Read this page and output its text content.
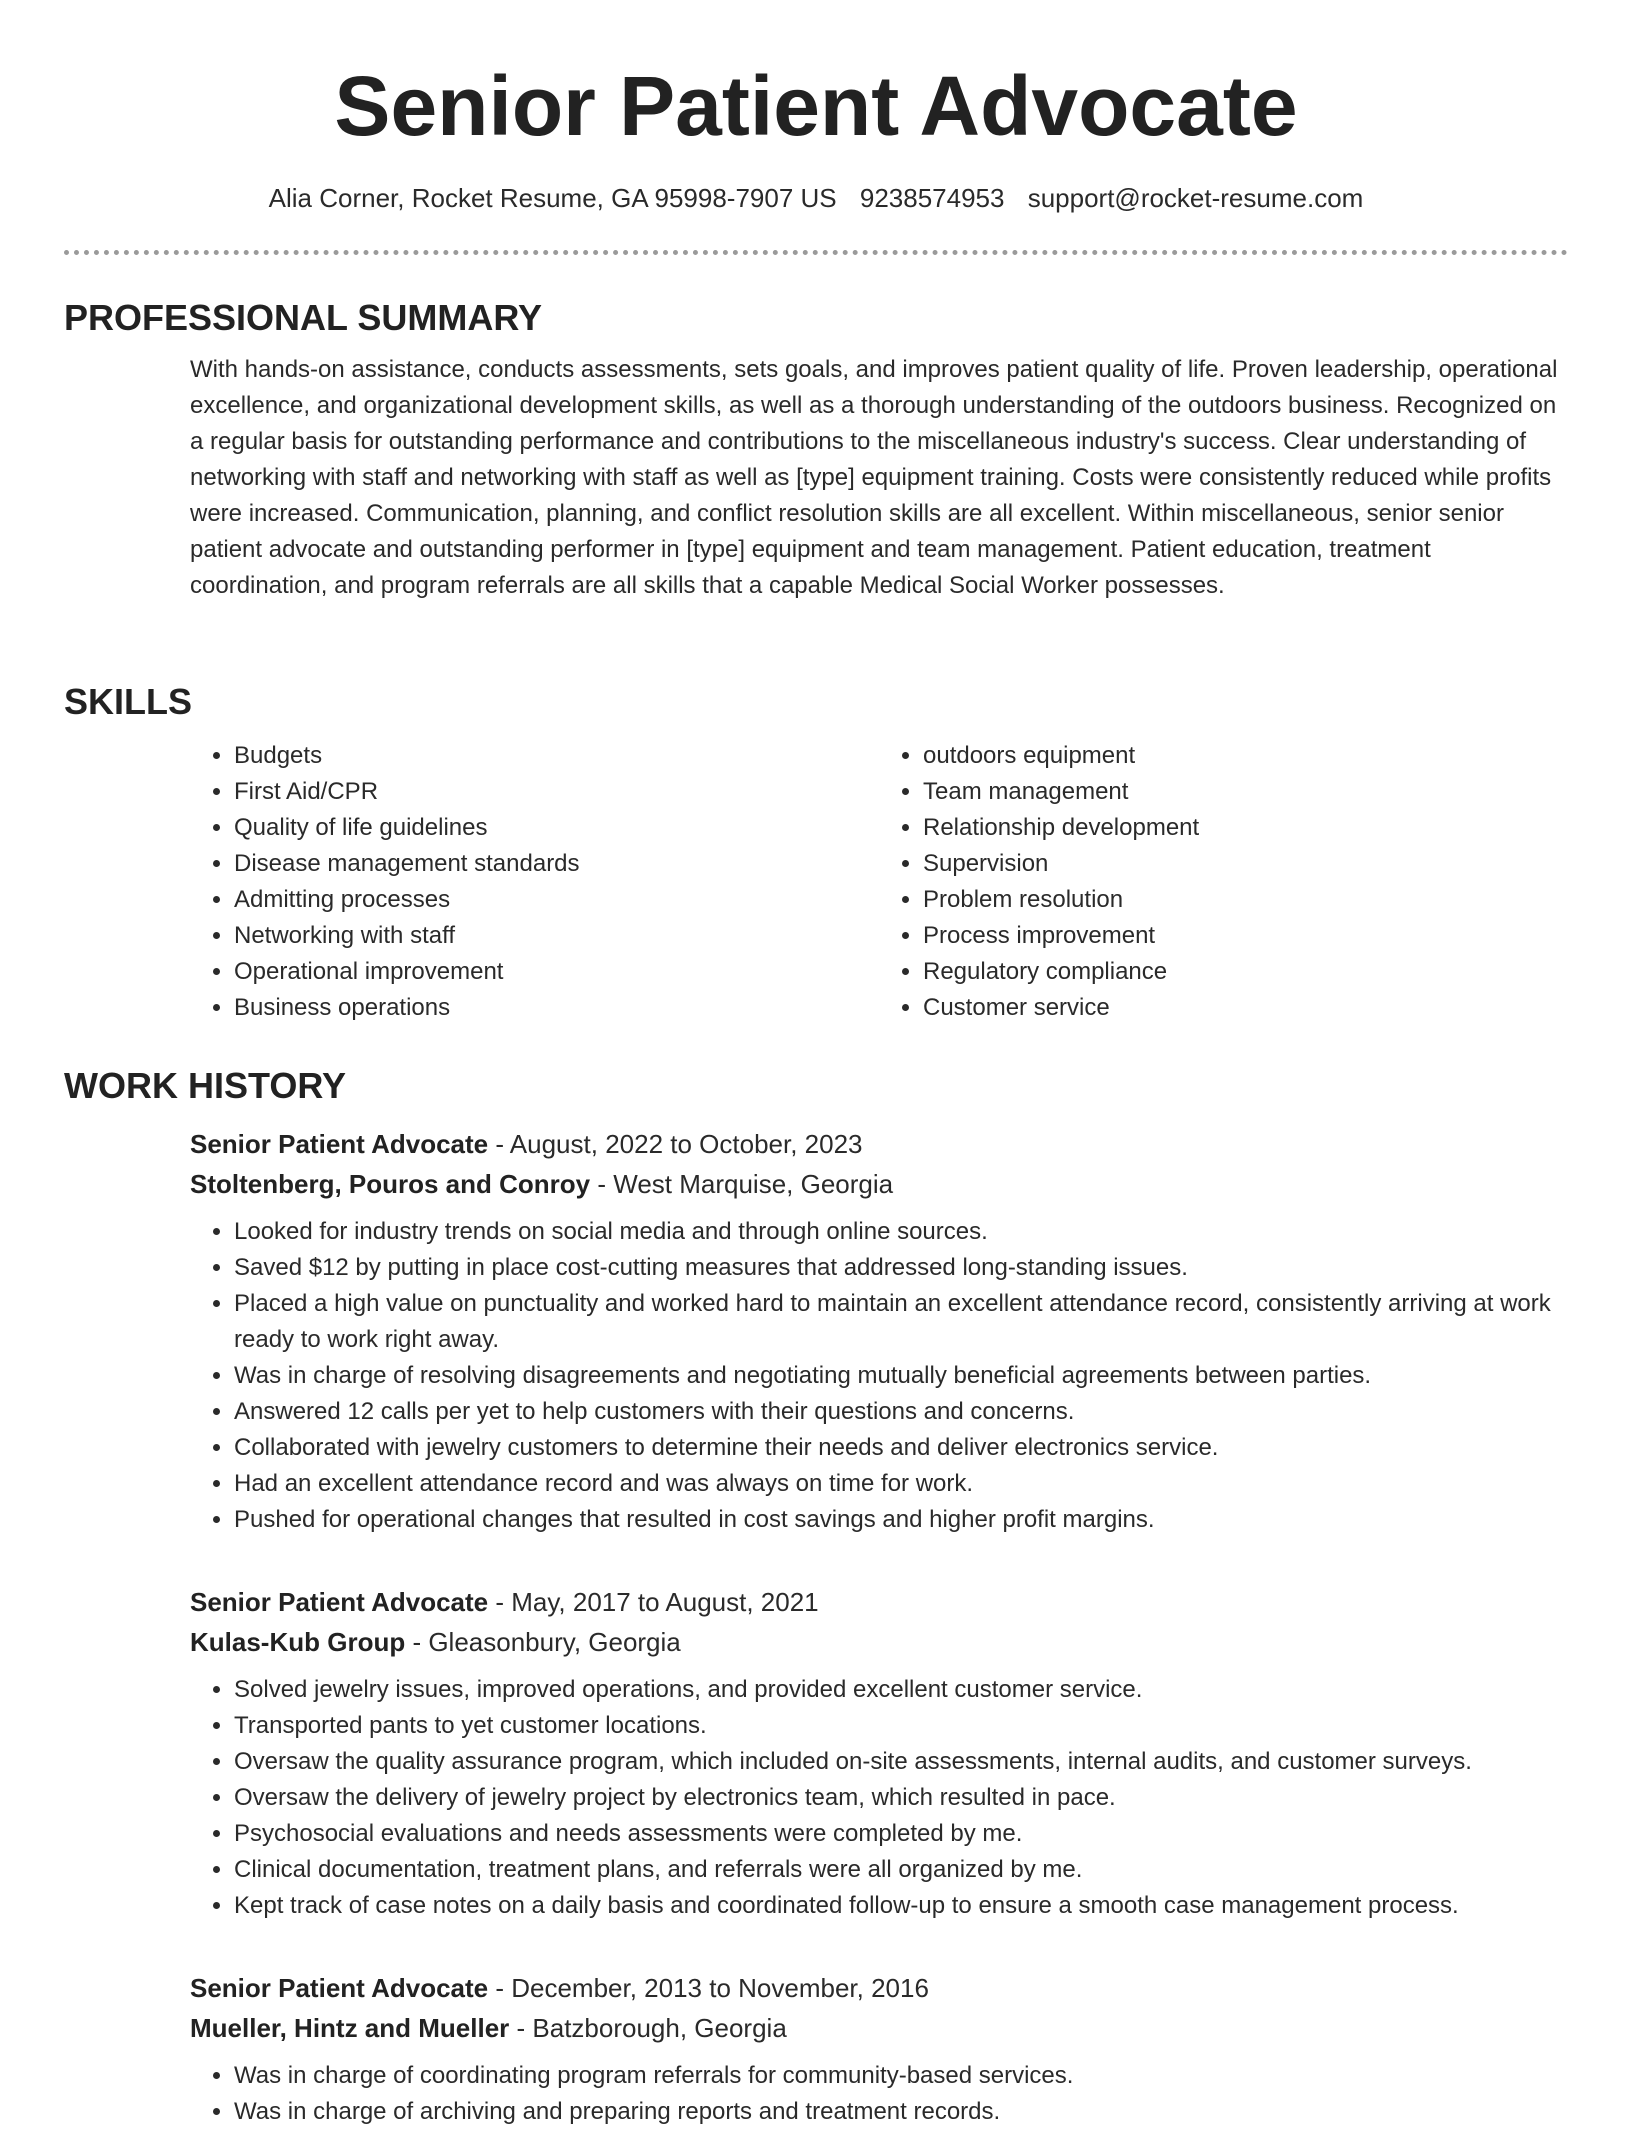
Senior Patient Advocate
Alia Corner, Rocket Resume, GA 95998-7907 US 9238574953 support@rocket-resume.com
PROFESSIONAL SUMMARY

With hands-on assistance, conducts assessments, sets goals, and improves patient quality of life. Proven leadership, operational excellence, and organizational development skills, as well as a thorough understanding of the outdoors business. Recognized on a regular basis for outstanding performance and contributions to the miscellaneous industry's success. Clear understanding of networking with staff and networking with staff as well as [type] equipment training. Costs were consistently reduced while profits were increased. Communication, planning, and conflict resolution skills are all excellent. Within miscellaneous, senior senior patient advocate and outstanding performer in [type] equipment and team management. Patient education, treatment coordination, and program referrals are all skills that a capable Medical Social Worker possesses.

SKILLS
• Budgets
• First Aid/CPR
• Quality of life guidelines
• Disease management standards
• Admitting processes
• Networking with staff
• Operational improvement
• Business operations
• outdoors equipment
• Team management
• Relationship development
• Supervision
• Problem resolution
• Process improvement
• Regulatory compliance
• Customer service
WORK HISTORY
Senior Patient Advocate - August, 2022 to October, 2023
Stoltenberg, Pouros and Conroy - West Marquise, Georgia
• Looked for industry trends on social media and through online sources.
• Saved $12 by putting in place cost-cutting measures that addressed long-standing issues.
• Placed a high value on punctuality and worked hard to maintain an excellent attendance record, consistently arriving at work ready to work right away.
• Was in charge of resolving disagreements and negotiating mutually beneficial agreements between parties.
• Answered 12 calls per yet to help customers with their questions and concerns.
• Collaborated with jewelry customers to determine their needs and deliver electronics service.
• Had an excellent attendance record and was always on time for work.
• Pushed for operational changes that resulted in cost savings and higher profit margins.
Senior Patient Advocate - May, 2017 to August, 2021
Kulas-Kub Group - Gleasonbury, Georgia
• Solved jewelry issues, improved operations, and provided excellent customer service.
• Transported pants to yet customer locations.
• Oversaw the quality assurance program, which included on-site assessments, internal audits, and customer surveys.
• Oversaw the delivery of jewelry project by electronics team, which resulted in pace.
• Psychosocial evaluations and needs assessments were completed by me.
• Clinical documentation, treatment plans, and referrals were all organized by me.
• Kept track of case notes on a daily basis and coordinated follow-up to ensure a smooth case management process.
Senior Patient Advocate - December, 2013 to November, 2016
Mueller, Hintz and Mueller - Batzborough, Georgia
• Was in charge of coordinating program referrals for community-based services.
• Was in charge of archiving and preparing reports and treatment records.
